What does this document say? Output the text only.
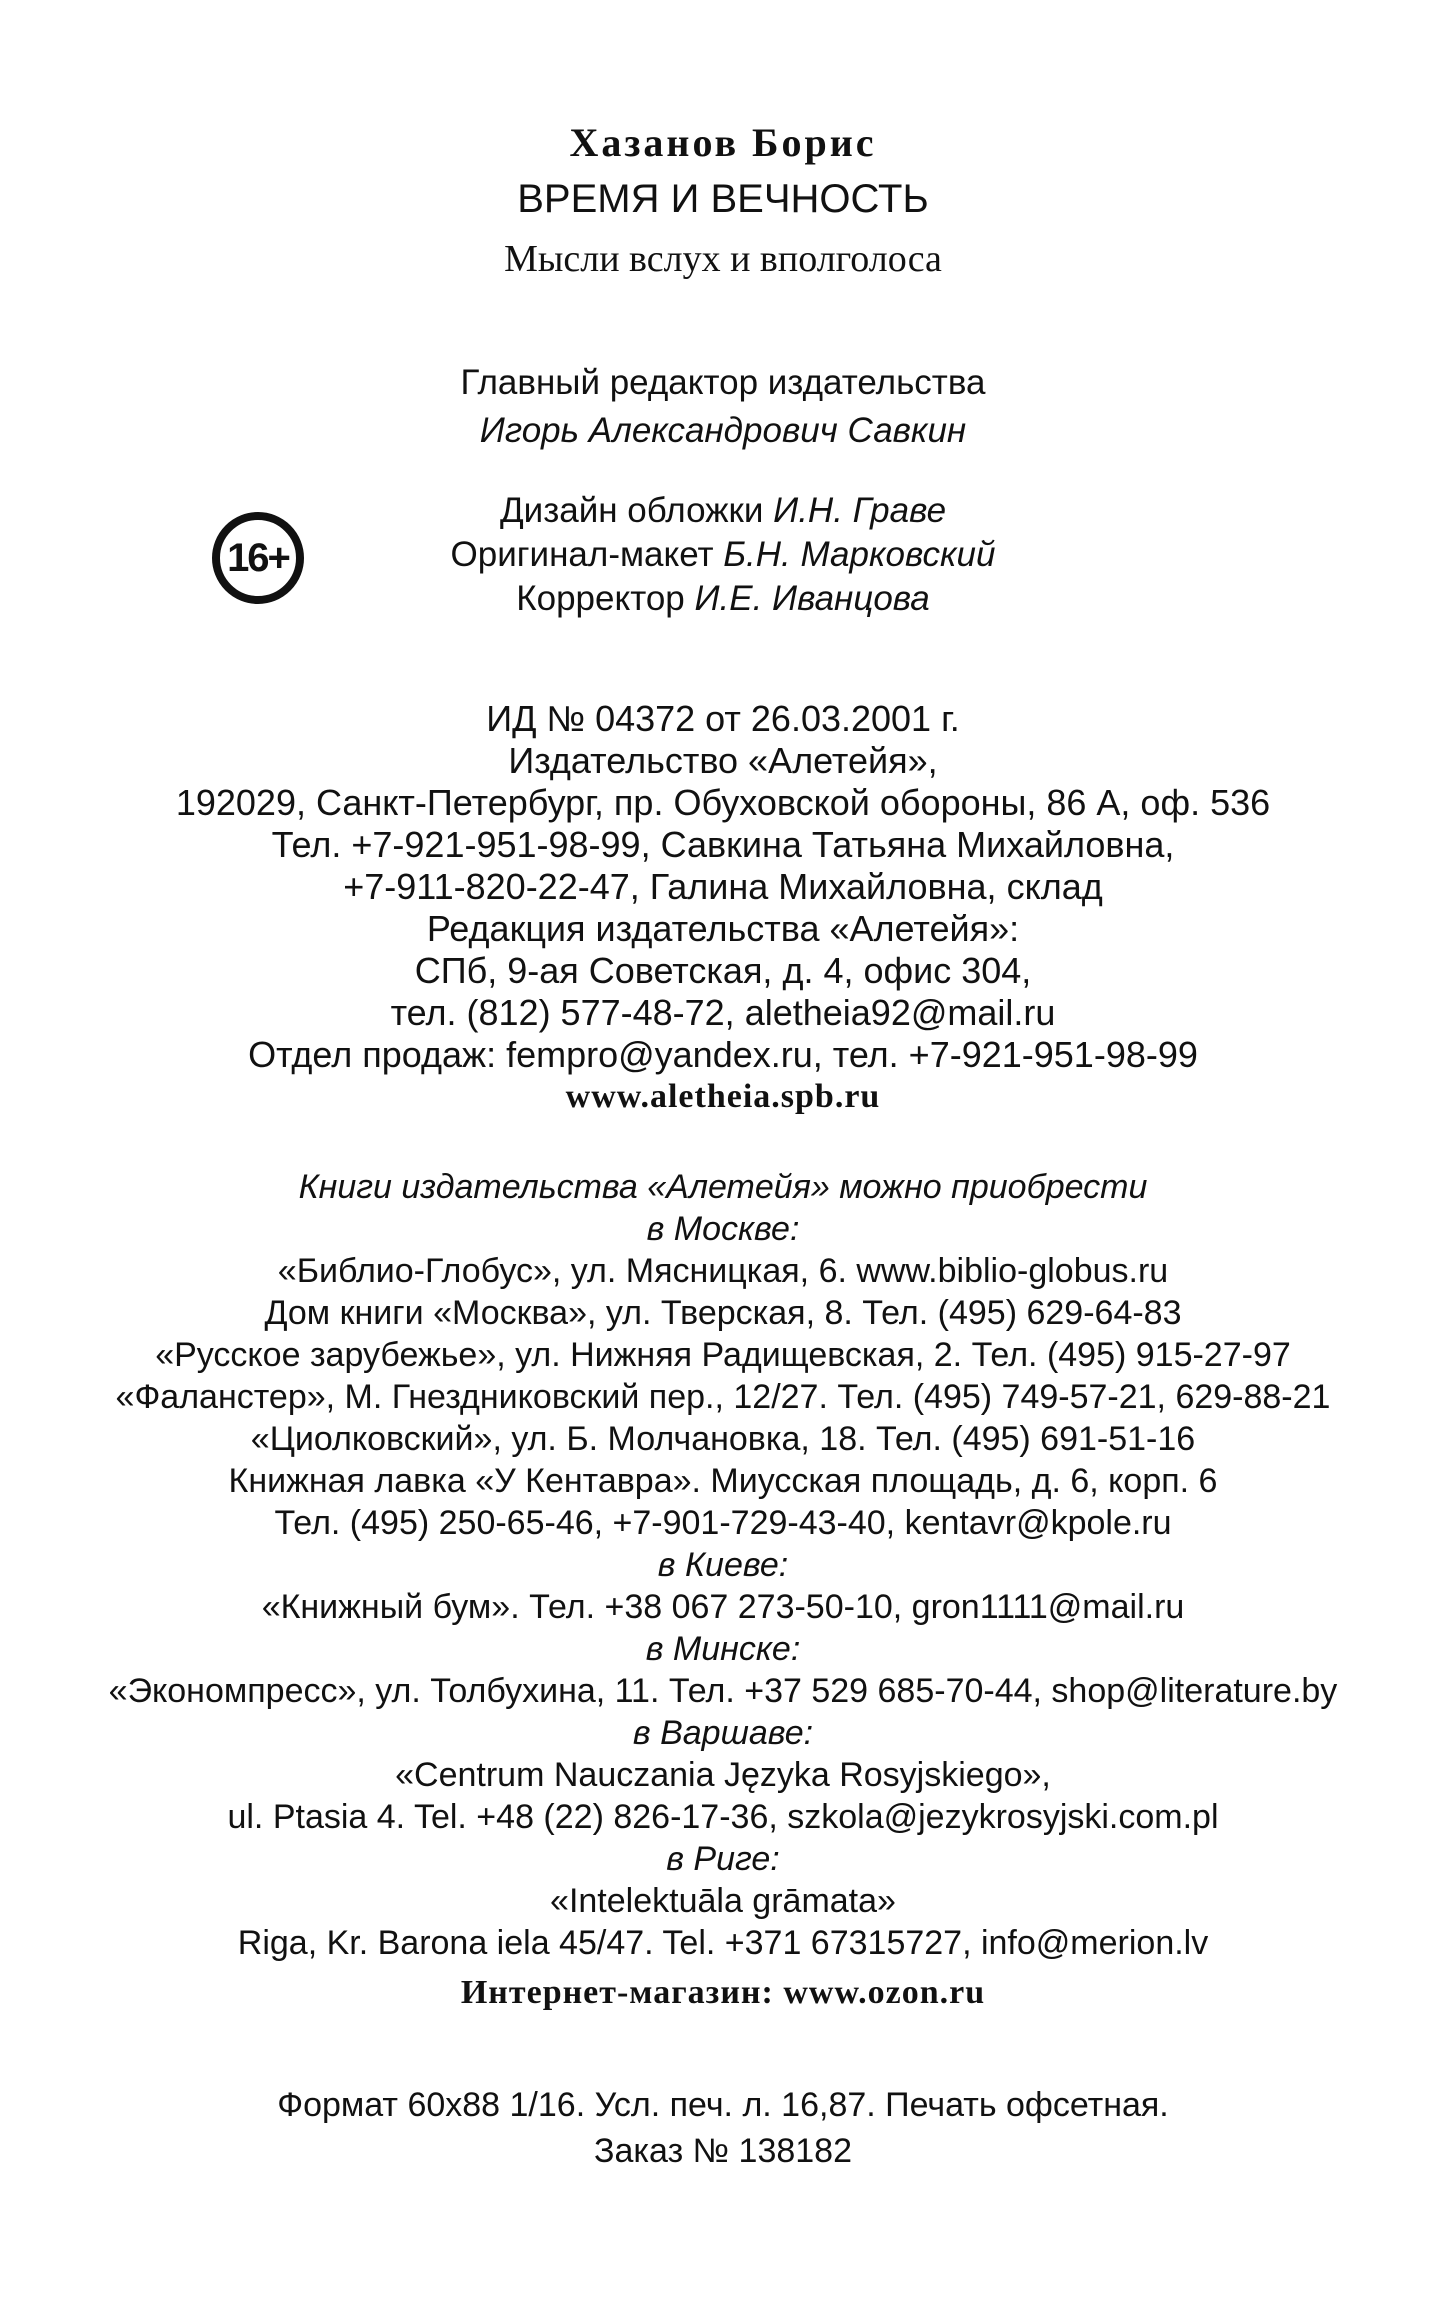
Хазанов Борис
ВРЕМЯ И ВЕЧНОСТЬ
Мысли вслух и вполголоса
Главный редактор издательства
Игорь Александрович Савкин
Дизайн обложки И.Н. Граве
Оригинал-макет Б.Н. Марковский
Корректор И.Е. Иванцова
16+
ИД № 04372 от 26.03.2001 г.
Издательство «Алетейя»,
192029, Санкт-Петербург, пр. Обуховской обороны, 86 А, оф. 536
Тел. +7-921-951-98-99, Савкина Татьяна Михайловна,
+7-911-820-22-47, Галина Михайловна, склад
Редакция издательства «Алетейя»:
СПб, 9-ая Советская, д. 4, офис 304,
тел. (812) 577-48-72, aletheia92@mail.ru
Отдел продаж: fempro@yandex.ru, тел. +7-921-951-98-99
www.aletheia.spb.ru
Книги издательства «Алетейя» можно приобрести
в Москве:
«Библио-Глобус», ул. Мясницкая, 6. www.biblio-globus.ru
Дом книги «Москва», ул. Тверская, 8. Тел. (495) 629-64-83
«Русское зарубежье», ул. Нижняя Радищевская, 2. Тел. (495) 915-27-97
«Фаланстер», М. Гнездниковский пер., 12/27. Тел. (495) 749-57-21, 629-88-21
«Циолковский», ул. Б. Молчановка, 18. Тел. (495) 691-51-16
Книжная лавка «У Кентавра». Миусская площадь, д. 6, корп. 6
Тел. (495) 250-65-46, +7-901-729-43-40, kentavr@kpole.ru
в Киеве:
«Книжный бум». Тел. +38 067 273-50-10, gron1111@mail.ru
в Минске:
«Экономпресс», ул. Толбухина, 11. Тел. +37 529 685-70-44, shop@literature.by
в Варшаве:
«Centrum Nauczania Języka Rosyjskiego»,
ul. Ptasia 4. Tel. +48 (22) 826-17-36, szkola@jezykrosyjski.com.pl
в Риге:
«Intelektuāla grāmata»
Riga, Kr. Barona iela 45/47. Tel. +371 67315727, info@merion.lv
Интернет-магазин: www.ozon.ru
Формат 60x88 1/16. Усл. печ. л. 16,87. Печать офсетная.
Заказ № 138182
